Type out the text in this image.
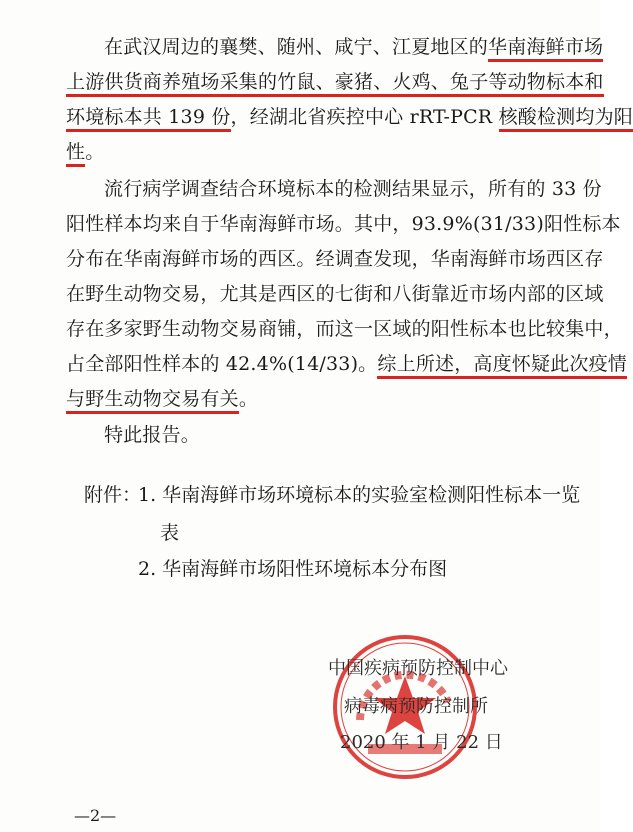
在武汉周边的襄樊、随州、咸宁、江夏地区的华南海鲜市场
上游供货商养殖场采集的竹鼠、豪猪、火鸡、兔子等动物标本和
环境标本共 139 份，经湖北省疾控中心 rRT-PCR 核酸检测均为阳
性。
流行病学调查结合环境标本的检测结果显示，所有的 33 份
阳性样本均来自于华南海鲜市场。其中，93.9%(31/33)阳性标本
分布在华南海鲜市场的西区。经调查发现，华南海鲜市场西区存
在野生动物交易，尤其是西区的七街和八街靠近市场内部的区域
存在多家野生动物交易商铺，而这一区域的阳性标本也比较集中，
占全部阳性样本的 42.4%(14/33)。综上所述，高度怀疑此次疫情
与野生动物交易有关。
特此报告。
附件：
1. 华南海鲜市场环境标本的实验室检测阳性标本一览
表
2. 华南海鲜市场阳性环境标本分布图
中国疾病预防控制中心
病毒病预防控制所
2020 年 1 月 22 日
—2—
